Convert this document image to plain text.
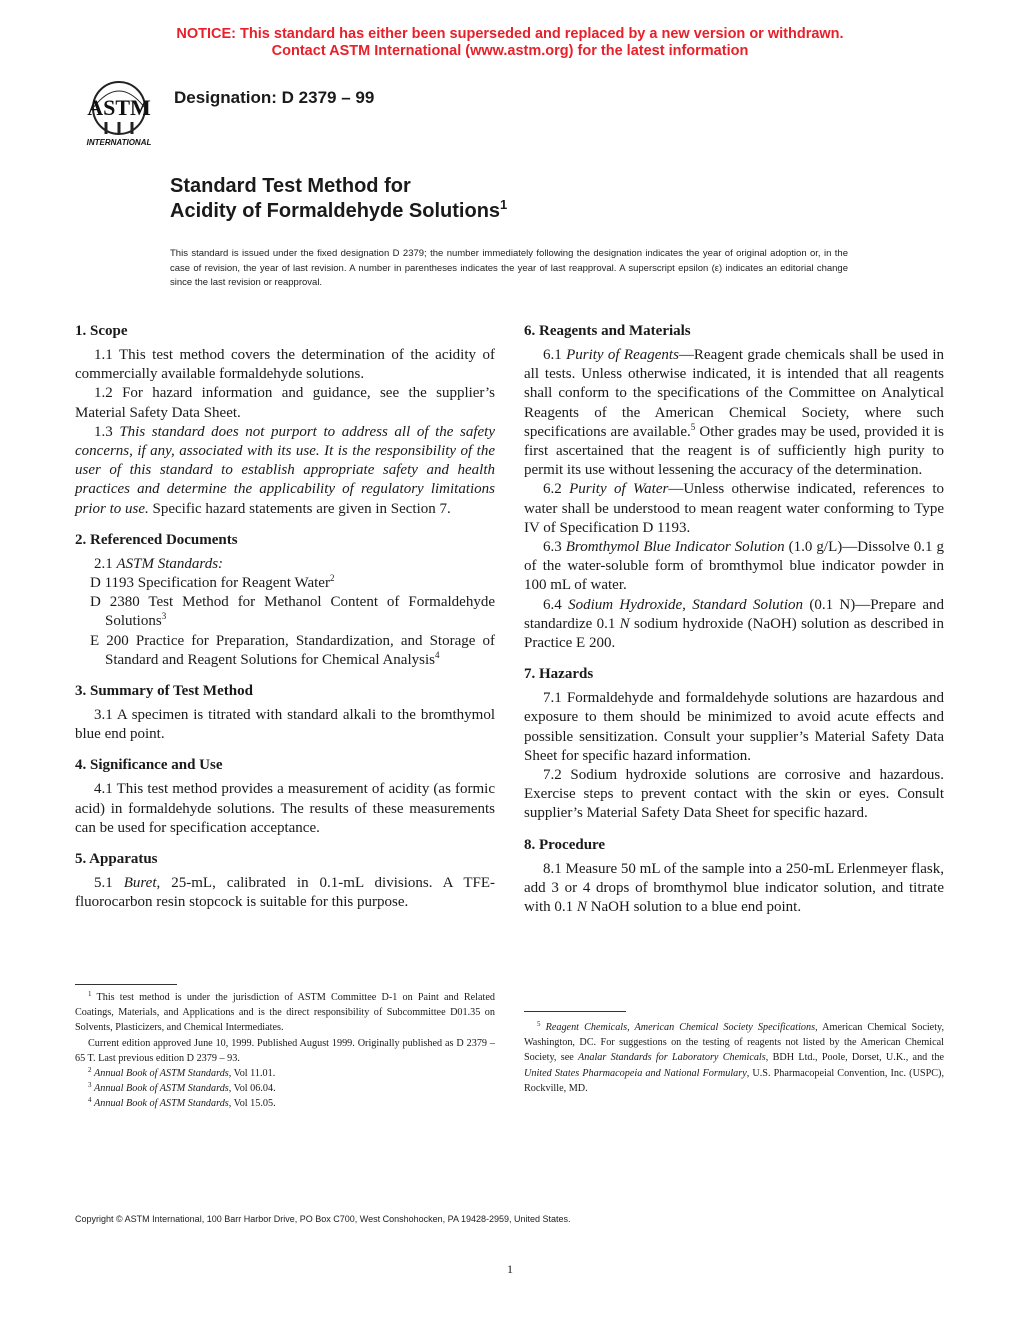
NOTICE: This standard has either been superseded and replaced by a new version or withdrawn.
Contact ASTM International (www.astm.org) for the latest information
ASTM
INTERNATIONAL
Designation: D 2379 – 99
Standard Test Method for
Acidity of Formaldehyde Solutions$^1$
This standard is issued under the fixed designation D 2379; the number immediately following the designation indicates the year of original adoption or, in the case of revision, the year of last revision. A number in parentheses indicates the year of last reapproval. A superscript epsilon (ε) indicates an editorial change since the last revision or reapproval.
1. Scope

1.1 This test method covers the determination of the acidity of commercially available formaldehyde solutions.

1.2 For hazard information and guidance, see the supplier’s Material Safety Data Sheet.

1.3 This standard does not purport to address all of the safety concerns, if any, associated with its use. It is the responsibility of the user of this standard to establish appropriate safety and health practices and determine the applicability of regulatory limitations prior to use. Specific hazard statements are given in Section 7.

2. Referenced Documents

2.1 ASTM Standards:

D 1193 Specification for Reagent Water$^2$

D 2380 Test Method for Methanol Content of Formaldehyde Solutions$^3$

E 200 Practice for Preparation, Standardization, and Storage of Standard and Reagent Solutions for Chemical Analysis$^4$

3. Summary of Test Method

3.1 A specimen is titrated with standard alkali to the bromthymol blue end point.

4. Significance and Use

4.1 This test method provides a measurement of acidity (as formic acid) in formaldehyde solutions. The results of these measurements can be used for specification acceptance.

5. Apparatus

5.1 Buret, 25-mL, calibrated in 0.1-mL divisions. A TFE-fluorocarbon resin stopcock is suitable for this purpose.

$^1$ This test method is under the jurisdiction of ASTM Committee D-1 on Paint and Related Coatings, Materials, and Applications and is the direct responsibility of Subcommittee D01.35 on Solvents, Plasticizers, and Chemical Intermediates.

Current edition approved June 10, 1999. Published August 1999. Originally published as D 2379 – 65 T. Last previous edition D 2379 – 93.

$^2$ Annual Book of ASTM Standards, Vol 11.01.

$^3$ Annual Book of ASTM Standards, Vol 06.04.

$^4$ Annual Book of ASTM Standards, Vol 15.05.

6. Reagents and Materials

6.1 Purity of Reagents—Reagent grade chemicals shall be used in all tests. Unless otherwise indicated, it is intended that all reagents shall conform to the specifications of the Committee on Analytical Reagents of the American Chemical Society, where such specifications are available.$^5$ Other grades may be used, provided it is first ascertained that the reagent is of sufficiently high purity to permit its use without lessening the accuracy of the determination.

6.2 Purity of Water—Unless otherwise indicated, references to water shall be understood to mean reagent water conforming to Type IV of Specification D 1193.

6.3 Bromthymol Blue Indicator Solution (1.0 g/L)—Dissolve 0.1 g of the water-soluble form of bromthymol blue indicator powder in 100 mL of water.

6.4 Sodium Hydroxide, Standard Solution (0.1 N)—Prepare and standardize 0.1 N sodium hydroxide (NaOH) solution as described in Practice E 200.

7. Hazards

7.1 Formaldehyde and formaldehyde solutions are hazardous and exposure to them should be minimized to avoid acute effects and possible sensitization. Consult your supplier’s Material Safety Data Sheet for specific hazard information.

7.2 Sodium hydroxide solutions are corrosive and hazardous. Exercise steps to prevent contact with the skin or eyes. Consult supplier’s Material Safety Data Sheet for specific hazard.

8. Procedure

8.1 Measure 50 mL of the sample into a 250-mL Erlenmeyer flask, add 3 or 4 drops of bromthymol blue indicator solution, and titrate with 0.1 N NaOH solution to a blue end point.

$^5$ Reagent Chemicals, American Chemical Society Specifications, American Chemical Society, Washington, DC. For suggestions on the testing of reagents not listed by the American Chemical Society, see Analar Standards for Laboratory Chemicals, BDH Ltd., Poole, Dorset, U.K., and the United States Pharmacopeia and National Formulary, U.S. Pharmacopeial Convention, Inc. (USPC), Rockville, MD.

Copyright © ASTM International, 100 Barr Harbor Drive, PO Box C700, West Conshohocken, PA 19428-2959, United States.
1
